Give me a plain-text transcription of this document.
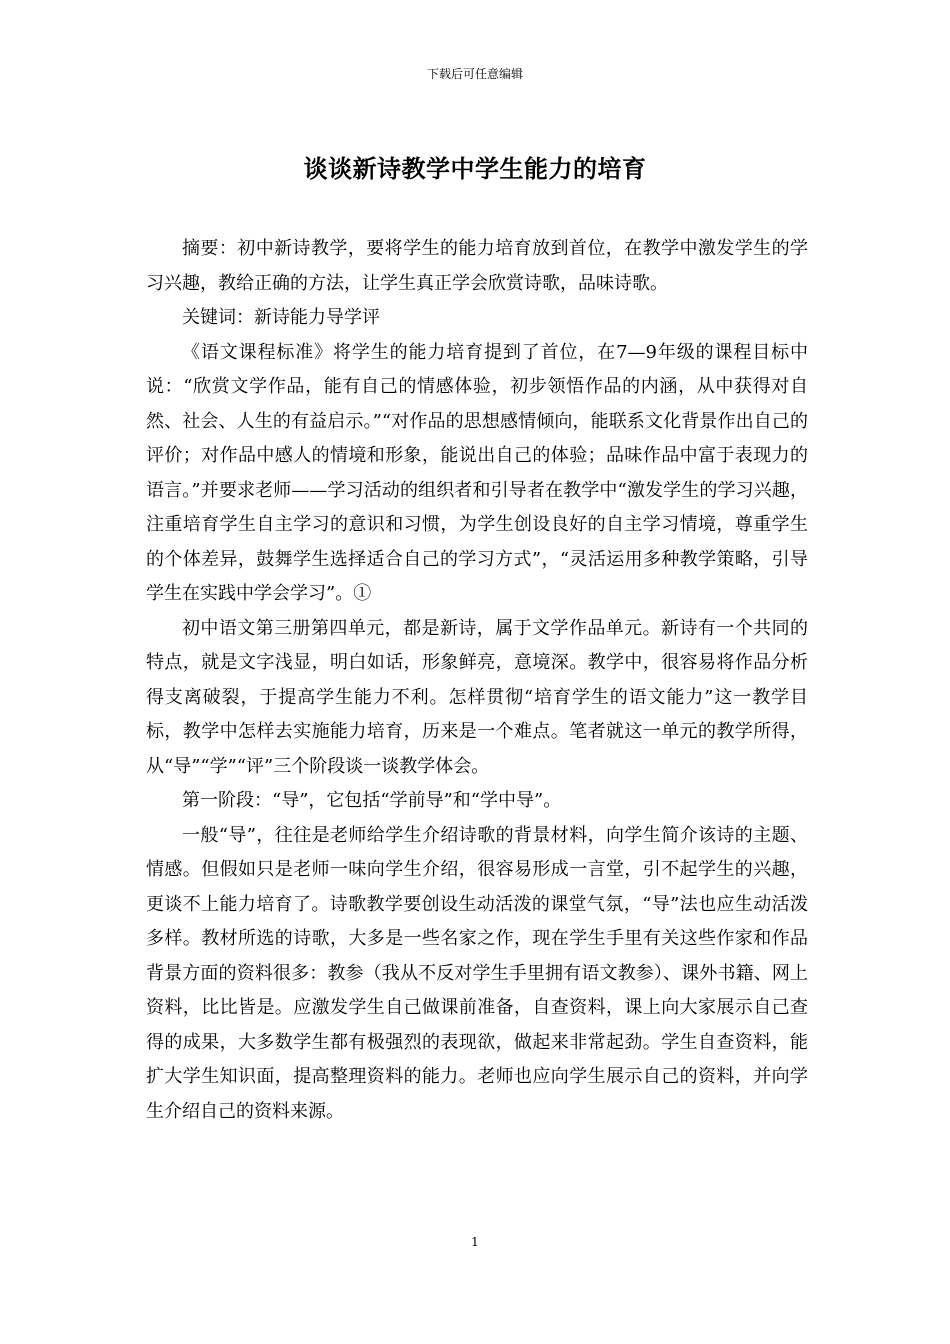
下载后可任意编辑
谈谈新诗教学中学生能力的培育

摘要：初中新诗教学，要将学生的能力培育放到首位，在教学中激发学生的学习兴趣，教给正确的方法，让学生真正学会欣赏诗歌，品味诗歌。

关键词：新诗能力导学评

《语文课程标准》将学生的能力培育提到了首位，在7—9年级的课程目标中说：“欣赏文学作品，能有自己的情感体验，初步领悟作品的内涵，从中获得对自然、社会、人生的有益启示。”“对作品的思想感情倾向，能联系文化背景作出自己的评价；对作品中感人的情境和形象，能说出自己的体验；品味作品中富于表现力的语言。”并要求老师——学习活动的组织者和引导者在教学中“激发学生的学习兴趣，注重培育学生自主学习的意识和习惯，为学生创设良好的自主学习情境，尊重学生的个体差异，鼓舞学生选择适合自己的学习方式”，“灵活运用多种教学策略，引导学生在实践中学会学习”。①

初中语文第三册第四单元，都是新诗，属于文学作品单元。新诗有一个共同的特点，就是文字浅显，明白如话，形象鲜亮，意境深。教学中，很容易将作品分析得支离破裂，于提高学生能力不利。怎样贯彻“培育学生的语文能力”这一教学目标，教学中怎样去实施能力培育，历来是一个难点。笔者就这一单元的教学所得，从“导”“学”“评”三个阶段谈一谈教学体会。

第一阶段：“导”，它包括“学前导”和“学中导”。

一般“导”，往往是老师给学生介绍诗歌的背景材料，向学生简介该诗的主题、情感。但假如只是老师一味向学生介绍，很容易形成一言堂，引不起学生的兴趣，更谈不上能力培育了。诗歌教学要创设生动活泼的课堂气氛，“导”法也应生动活泼多样。教材所选的诗歌，大多是一些名家之作，现在学生手里有关这些作家和作品背景方面的资料很多：教参（我从不反对学生手里拥有语文教参）、课外书籍、网上资料，比比皆是。应激发学生自己做课前准备，自查资料，课上向大家展示自己查得的成果，大多数学生都有极强烈的表现欲，做起来非常起劲。学生自查资料，能扩大学生知识面，提高整理资料的能力。老师也应向学生展示自己的资料，并向学生介绍自己的资料来源。

1
